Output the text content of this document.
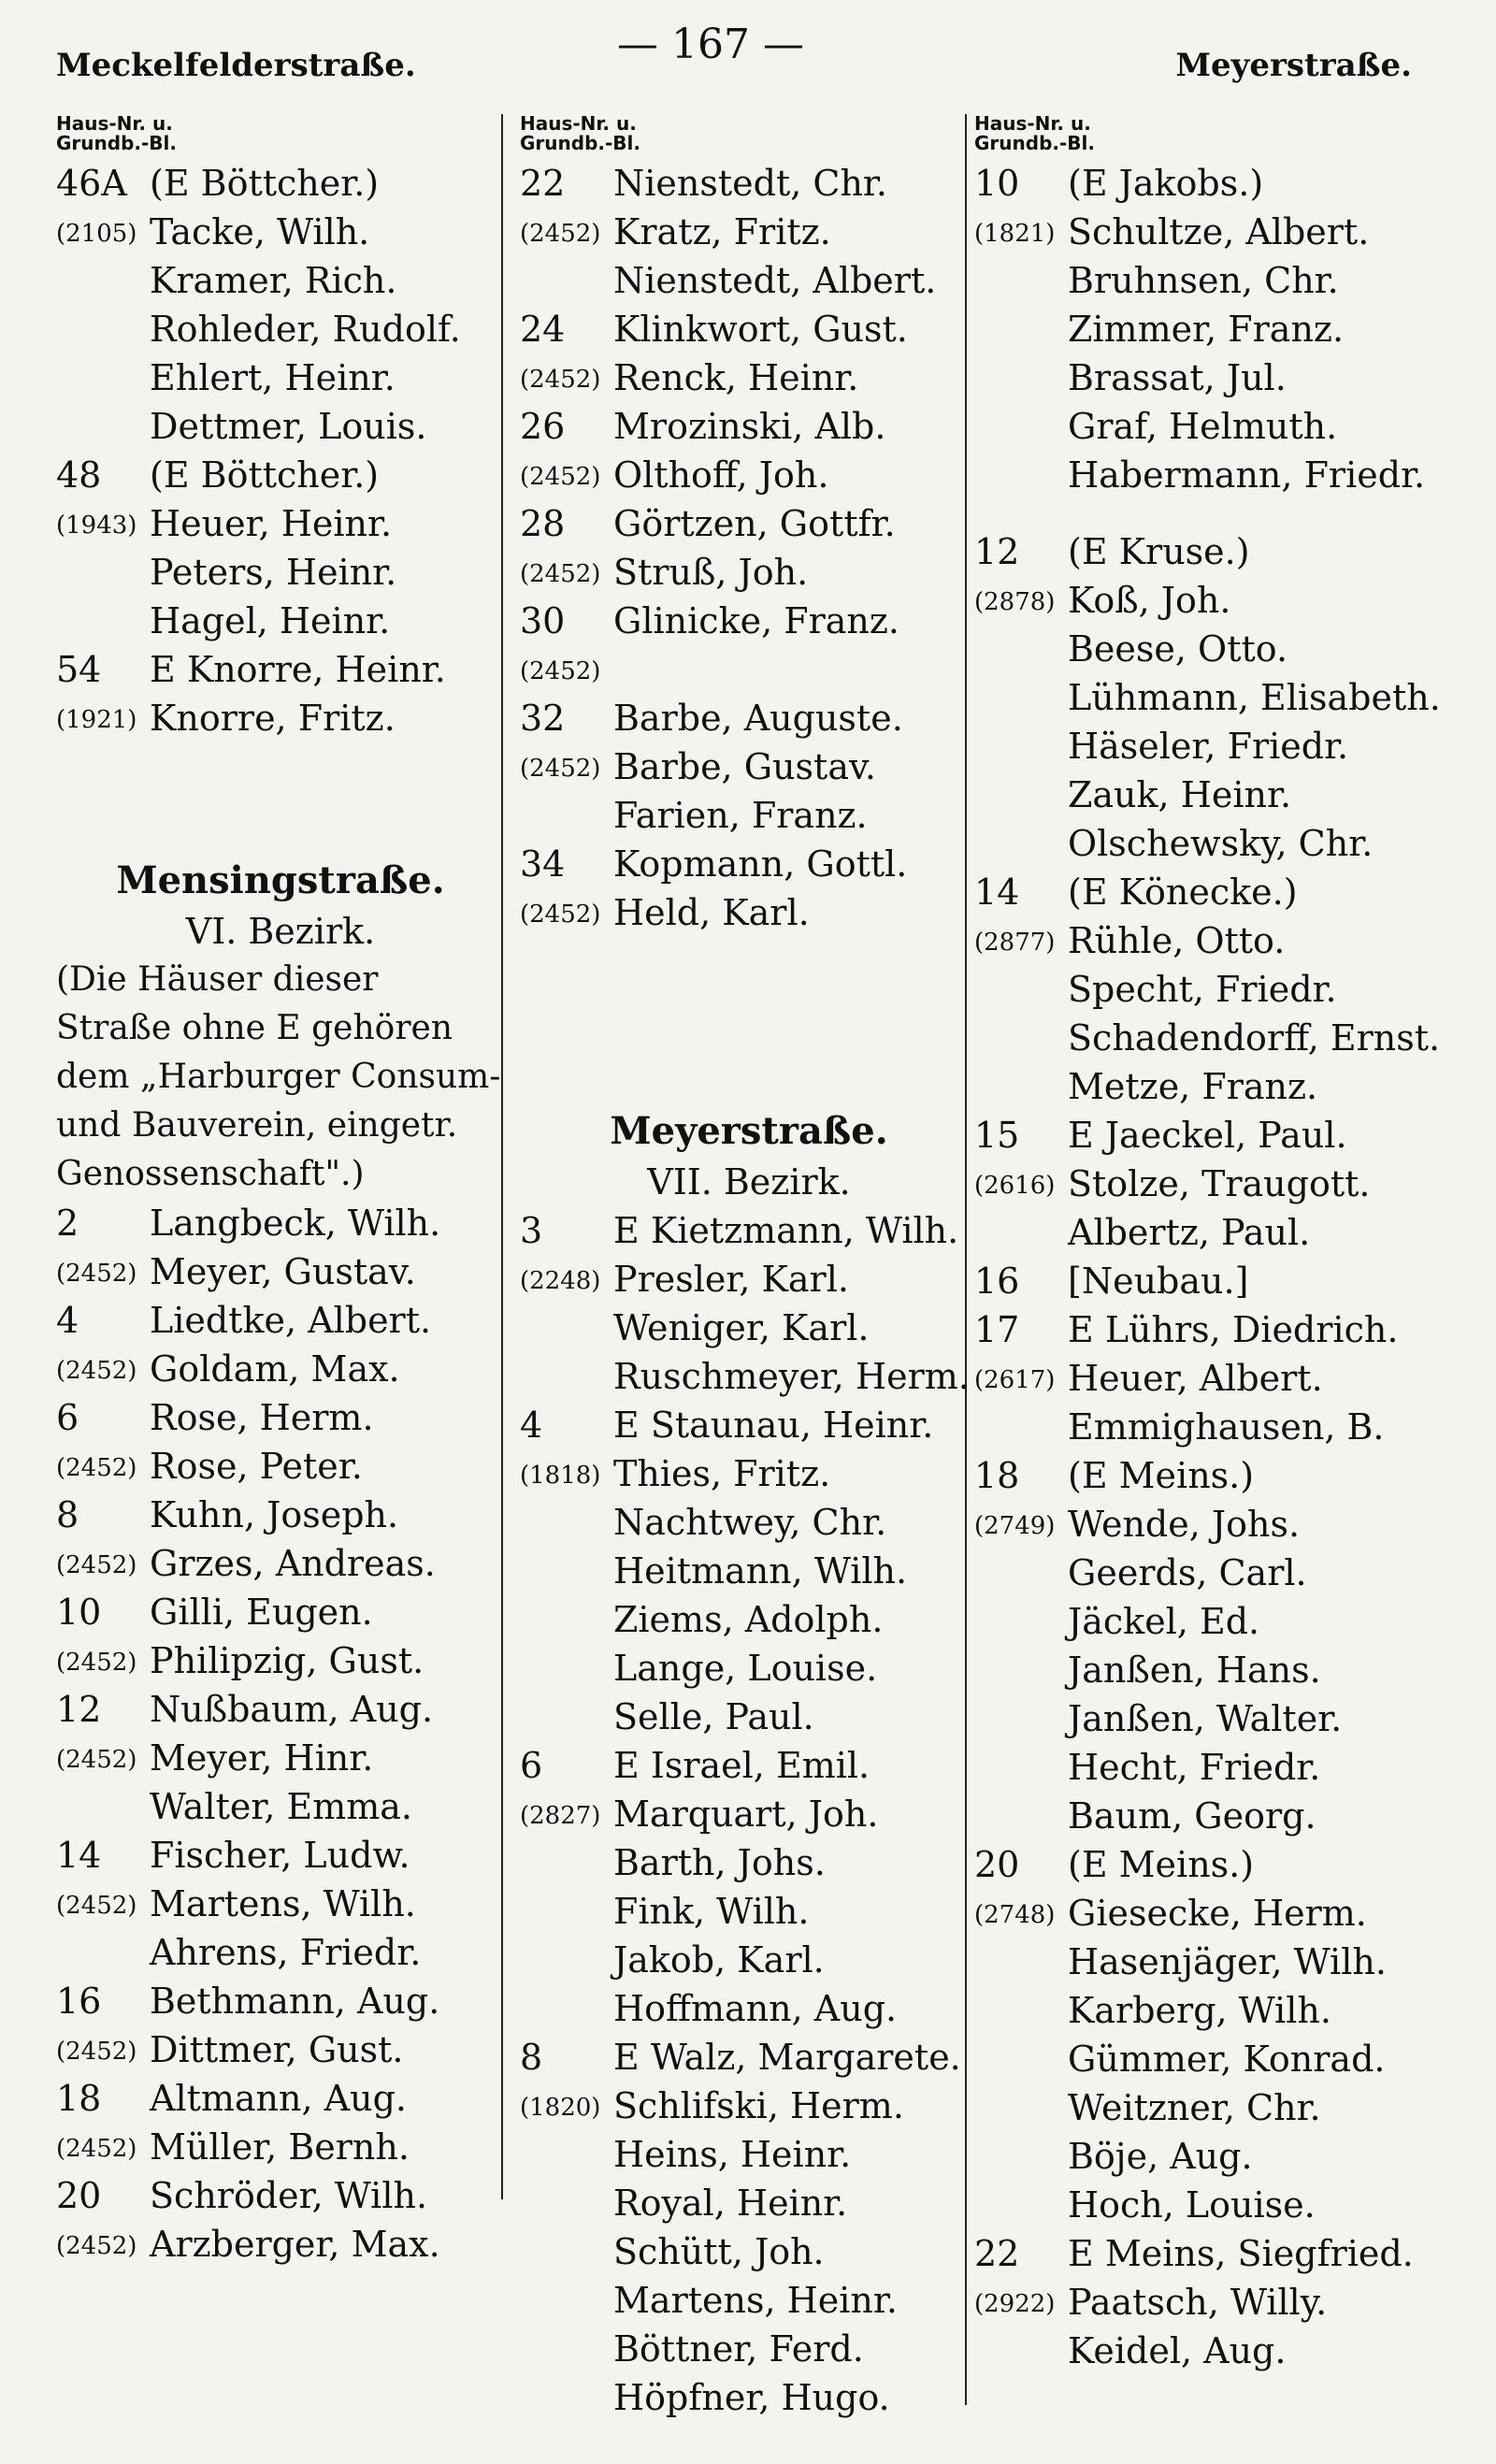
Meckelfelderstraße.	— 167 —	Meyerstraße.
Haus-Nr. u.
Grundb.-Bl.
46A (E Böttcher.)
(2105) Tacke, Wilh.
Kramer, Rich.
Rohleder, Rudolf.
Ehlert, Heinr.
Dettmer, Louis.
48	(E Böttcher.)
(1943) Heuer, Heinr.
Peters, Heinr.
Hagel, Heinr.
54	E Knorre, Heinr.
(1921) Knorre, Fritz.
Mensingstraße.
VI. Bezirk.
(Die Häuser dieser
Straße ohne E gehören
dem „Harburger Consum-
und Bauverein, eingetr.
Genossenschaft".)
2	Langbeck, Wilh.
(2452) Meyer, Gustav.
4	Liedtke, Albert.
(2452) Goldam, Max.
6	Rose, Herm.
(2452) Rose, Peter.
8	Kuhn, Joseph.
(2452) Grzes, Andreas.
10	Gilli, Eugen.
(2452) Philipzig, Gust.
12	Nußbaum, Aug.
(2452) Meyer, Hinr.
Walter, Emma.
14	Fischer, Ludw.
(2452) Martens, Wilh.
Ahrens, Friedr.
16	Bethmann, Aug.
(2452) Dittmer, Gust.
18	Altmann, Aug.
(2452) Müller, Bernh.
20	Schröder, Wilh.
(2452) Arzberger, Max.
Haus-Nr. u.
Grundb.-Bl.
22	Nienstedt, Chr.
(2452) Kratz, Fritz.
Nienstedt, Albert.
24	Klinkwort, Gust.
(2452) Renck, Heinr.
26	Mrozinski, Alb.
(2452) Olthoff, Joh.
28	Görtzen, Gottfr.
(2452) Struß, Joh.
30	Glinicke, Franz.
(2452)
32	Barbe, Auguste.
(2452) Barbe, Gustav.
Farien, Franz.
34	Kopmann, Gottl.
(2452) Held, Karl.
Meyerstraße.
VII. Bezirk.
3	E Kietzmann, Wilh.
(2248) Presler, Karl.
Weniger, Karl.
Ruschmeyer, Herm.
4	E Staunau, Heinr.
(1818) Thies, Fritz.
Nachtwey, Chr.
Heitmann, Wilh.
Ziems, Adolph.
Lange, Louise.
Selle, Paul.
6	E Israel, Emil.
(2827) Marquart, Joh.
Barth, Johs.
Fink, Wilh.
Jakob, Karl.
Hoffmann, Aug.
8	E Walz, Margarete.
(1820) Schlifski, Herm.
Heins, Heinr.
Royal, Heinr.
Schütt, Joh.
Martens, Heinr.
Böttner, Ferd.
Höpfner, Hugo.
Haus-Nr. u.
Grundb.-Bl.
10	(E Jakobs.)
(1821) Schultze, Albert.
Bruhnsen, Chr.
Zimmer, Franz.
Brassat, Jul.
Graf, Helmuth.
Habermann, Friedr.
12	(E Kruse.)
(2878) Koß, Joh.
Beese, Otto.
Lühmann, Elisabeth.
Häseler, Friedr.
Zauk, Heinr.
Olschewsky, Chr.
14	(E Könecke.)
(2877) Rühle, Otto.
Specht, Friedr.
Schadendorff, Ernst.
Metze, Franz.
15	E Jaeckel, Paul.
(2616) Stolze, Traugott.
Albertz, Paul.
16	[Neubau.]
17	E Lührs, Diedrich.
(2617) Heuer, Albert.
Emmighausen, B.
18	(E Meins.)
(2749) Wende, Johs.
Geerds, Carl.
Jäckel, Ed.
Janßen, Hans.
Janßen, Walter.
Hecht, Friedr.
Baum, Georg.
20	(E Meins.)
(2748) Giesecke, Herm.
Hasenjäger, Wilh.
Karberg, Wilh.
Gümmer, Konrad.
Weitzner, Chr.
Böje, Aug.
Hoch, Louise.
22	E Meins, Siegfried.
(2922) Paatsch, Willy.
Keidel, Aug.
